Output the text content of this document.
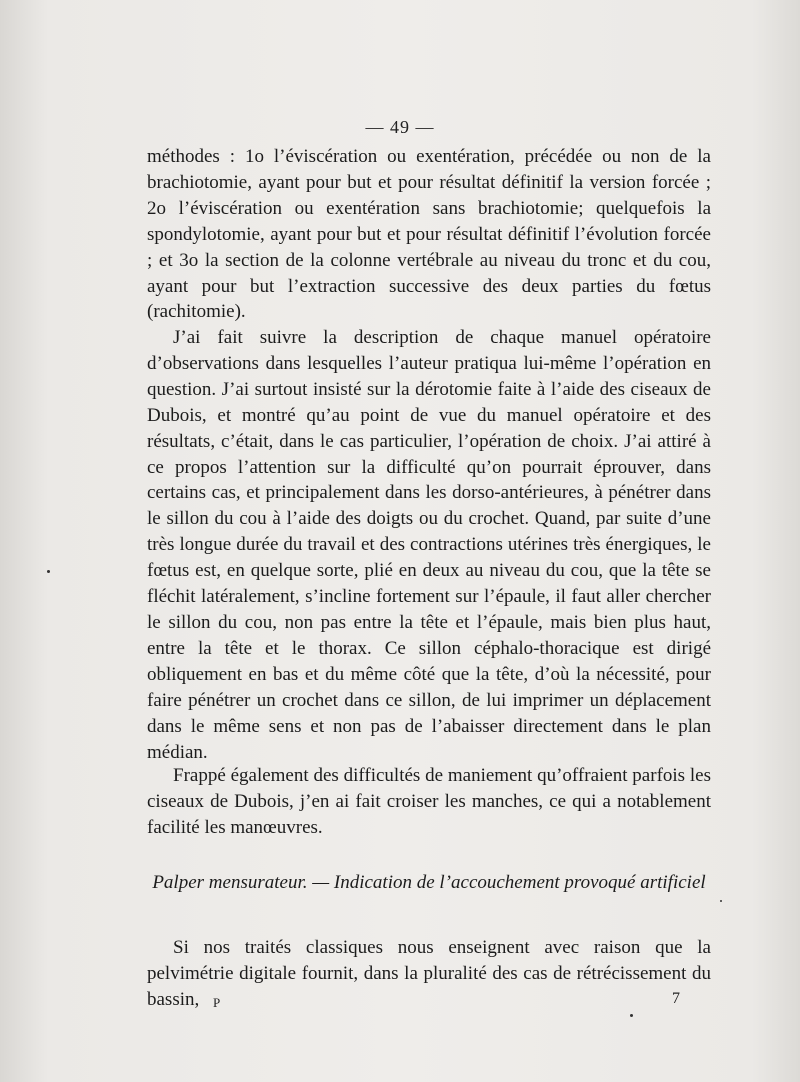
— 49 —

méthodes : 1o l’éviscération ou exentération, précédée ou non de la brachiotomie, ayant pour but et pour résultat définitif la version forcée ; 2o l’éviscération ou exentération sans brachiotomie; quelquefois la spondylotomie, ayant pour but et pour résultat définitif l’évolution forcée ; et 3o la section de la colonne vertébrale au niveau du tronc et du cou, ayant pour but l’extraction successive des deux parties du fœtus (rachitomie).

J’ai fait suivre la description de chaque manuel opératoire d’observations dans lesquelles l’auteur pratiqua lui-même l’opération en question. J’ai surtout insisté sur la dérotomie faite à l’aide des ciseaux de Dubois, et montré qu’au point de vue du manuel opératoire et des résultats, c’était, dans le cas particulier, l’opération de choix. J’ai attiré à ce propos l’attention sur la difficulté qu’on pourrait éprouver, dans certains cas, et principalement dans les dorso-antérieures, à pénétrer dans le sillon du cou à l’aide des doigts ou du crochet. Quand, par suite d’une très longue durée du travail et des contractions utérines très énergiques, le fœtus est, en quelque sorte, plié en deux au niveau du cou, que la tête se fléchit latéralement, s’incline fortement sur l’épaule, il faut aller chercher le sillon du cou, non pas entre la tête et l’épaule, mais bien plus haut, entre la tête et le thorax. Ce sillon céphalo-thoracique est dirigé obliquement en bas et du même côté que la tête, d’où la nécessité, pour faire pénétrer un crochet dans ce sillon, de lui imprimer un déplacement dans le même sens et non pas de l’abaisser directement dans le plan médian.

Frappé également des difficultés de maniement qu’offraient parfois les ciseaux de Dubois, j’en ai fait croiser les manches, ce qui a notablement facilité les manœuvres.

Palper mensurateur. — Indication de l’accouchement provoqué artificiel

Si nos traités classiques nous enseignent avec raison que la pelvimétrie digitale fournit, dans la pluralité des cas de rétrécissement du bassin,	P	7
